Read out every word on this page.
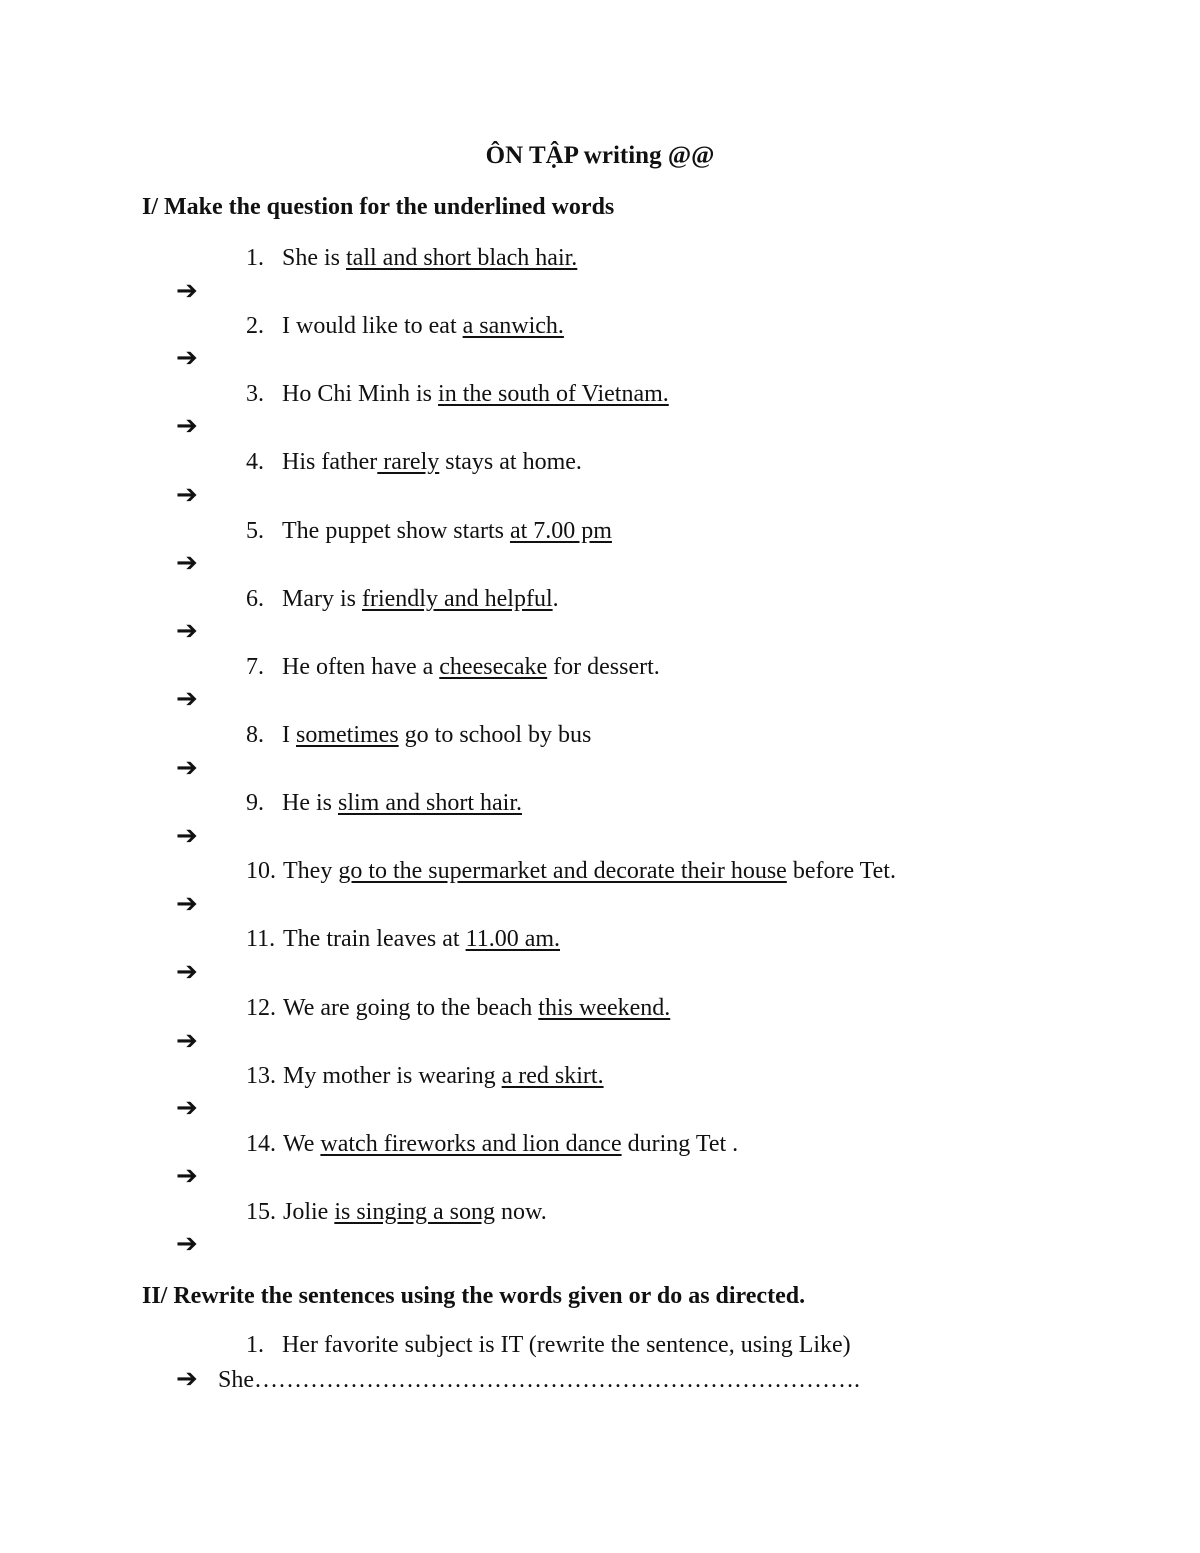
ÔN TẬP writing @@
I/ Make the question for the underlined words
1. She is tall and short blach hair.
➔
2. I would like to eat a sanwich.
➔
3. Ho Chi Minh is in the south of Vietnam.
➔
4. His father rarely stays at home.
➔
5. The puppet show starts at 7.00 pm
➔
6. Mary is friendly and helpful.
➔
7. He often have a cheesecake for dessert.
➔
8. I sometimes go to school by bus
➔
9. He is slim and short hair.
➔
10. They go to the supermarket and decorate their house before Tet.
➔
11. The train leaves at 11.00 am.
➔
12. We are going to the beach this weekend.
➔
13. My mother is wearing a red skirt.
➔
14. We watch fireworks and lion dance during Tet .
➔
15. Jolie is singing a song now.
➔
II/ Rewrite the sentences using the words given or do as directed.
1. Her favorite subject is IT (rewrite the sentence, using Like)
➔ She………………………………………………………………….
